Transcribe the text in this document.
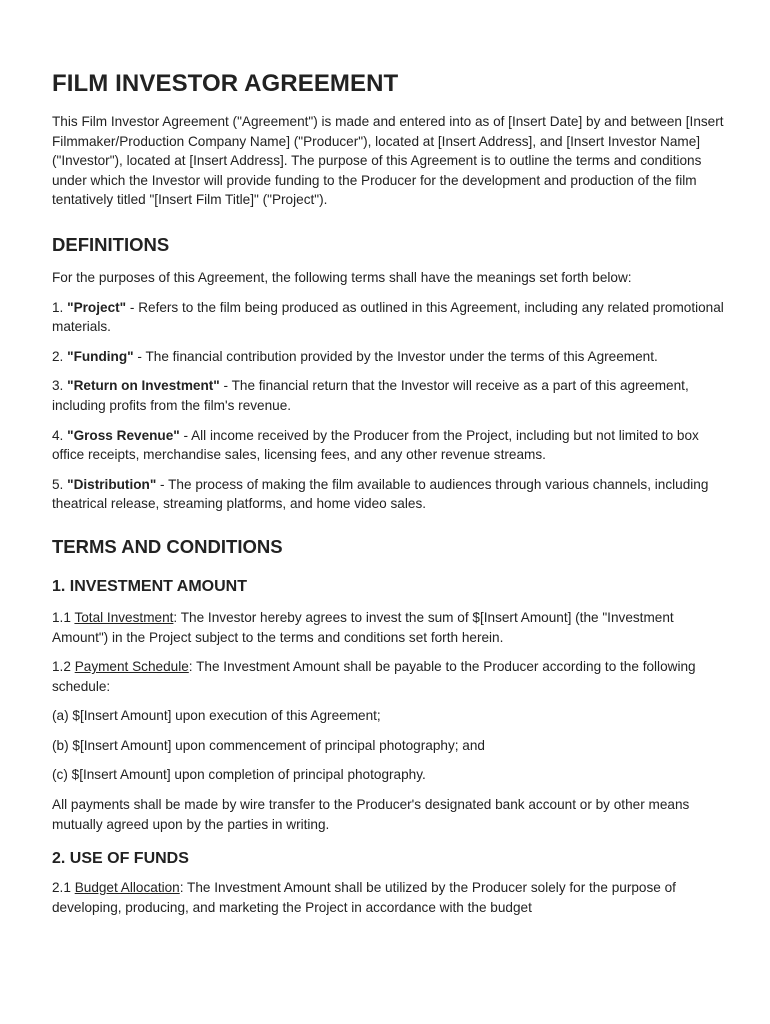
FILM INVESTOR AGREEMENT

This Film Investor Agreement ("Agreement") is made and entered into as of [Insert Date] by and between [Insert Filmmaker/Production Company Name] ("Producer"), located at [Insert Address], and [Insert Investor Name] ("Investor"), located at [Insert Address]. The purpose of this Agreement is to outline the terms and conditions under which the Investor will provide funding to the Producer for the development and production of the film tentatively titled "[Insert Film Title]" ("Project").

DEFINITIONS

For the purposes of this Agreement, the following terms shall have the meanings set forth below:

1. "Project" - Refers to the film being produced as outlined in this Agreement, including any related promotional materials.

2. "Funding" - The financial contribution provided by the Investor under the terms of this Agreement.

3. "Return on Investment" - The financial return that the Investor will receive as a part of this agreement, including profits from the film's revenue.

4. "Gross Revenue" - All income received by the Producer from the Project, including but not limited to box office receipts, merchandise sales, licensing fees, and any other revenue streams.

5. "Distribution" - The process of making the film available to audiences through various channels, including theatrical release, streaming platforms, and home video sales.

TERMS AND CONDITIONS
1. INVESTMENT AMOUNT

1.1 Total Investment: The Investor hereby agrees to invest the sum of $[Insert Amount] (the "Investment Amount") in the Project subject to the terms and conditions set forth herein.

1.2 Payment Schedule: The Investment Amount shall be payable to the Producer according to the following schedule:

(a) $[Insert Amount] upon execution of this Agreement;

(b) $[Insert Amount] upon commencement of principal photography; and

(c) $[Insert Amount] upon completion of principal photography.

All payments shall be made by wire transfer to the Producer's designated bank account or by other means mutually agreed upon by the parties in writing.

2. USE OF FUNDS

2.1 Budget Allocation: The Investment Amount shall be utilized by the Producer solely for the purpose of developing, producing, and marketing the Project in accordance with the budget
